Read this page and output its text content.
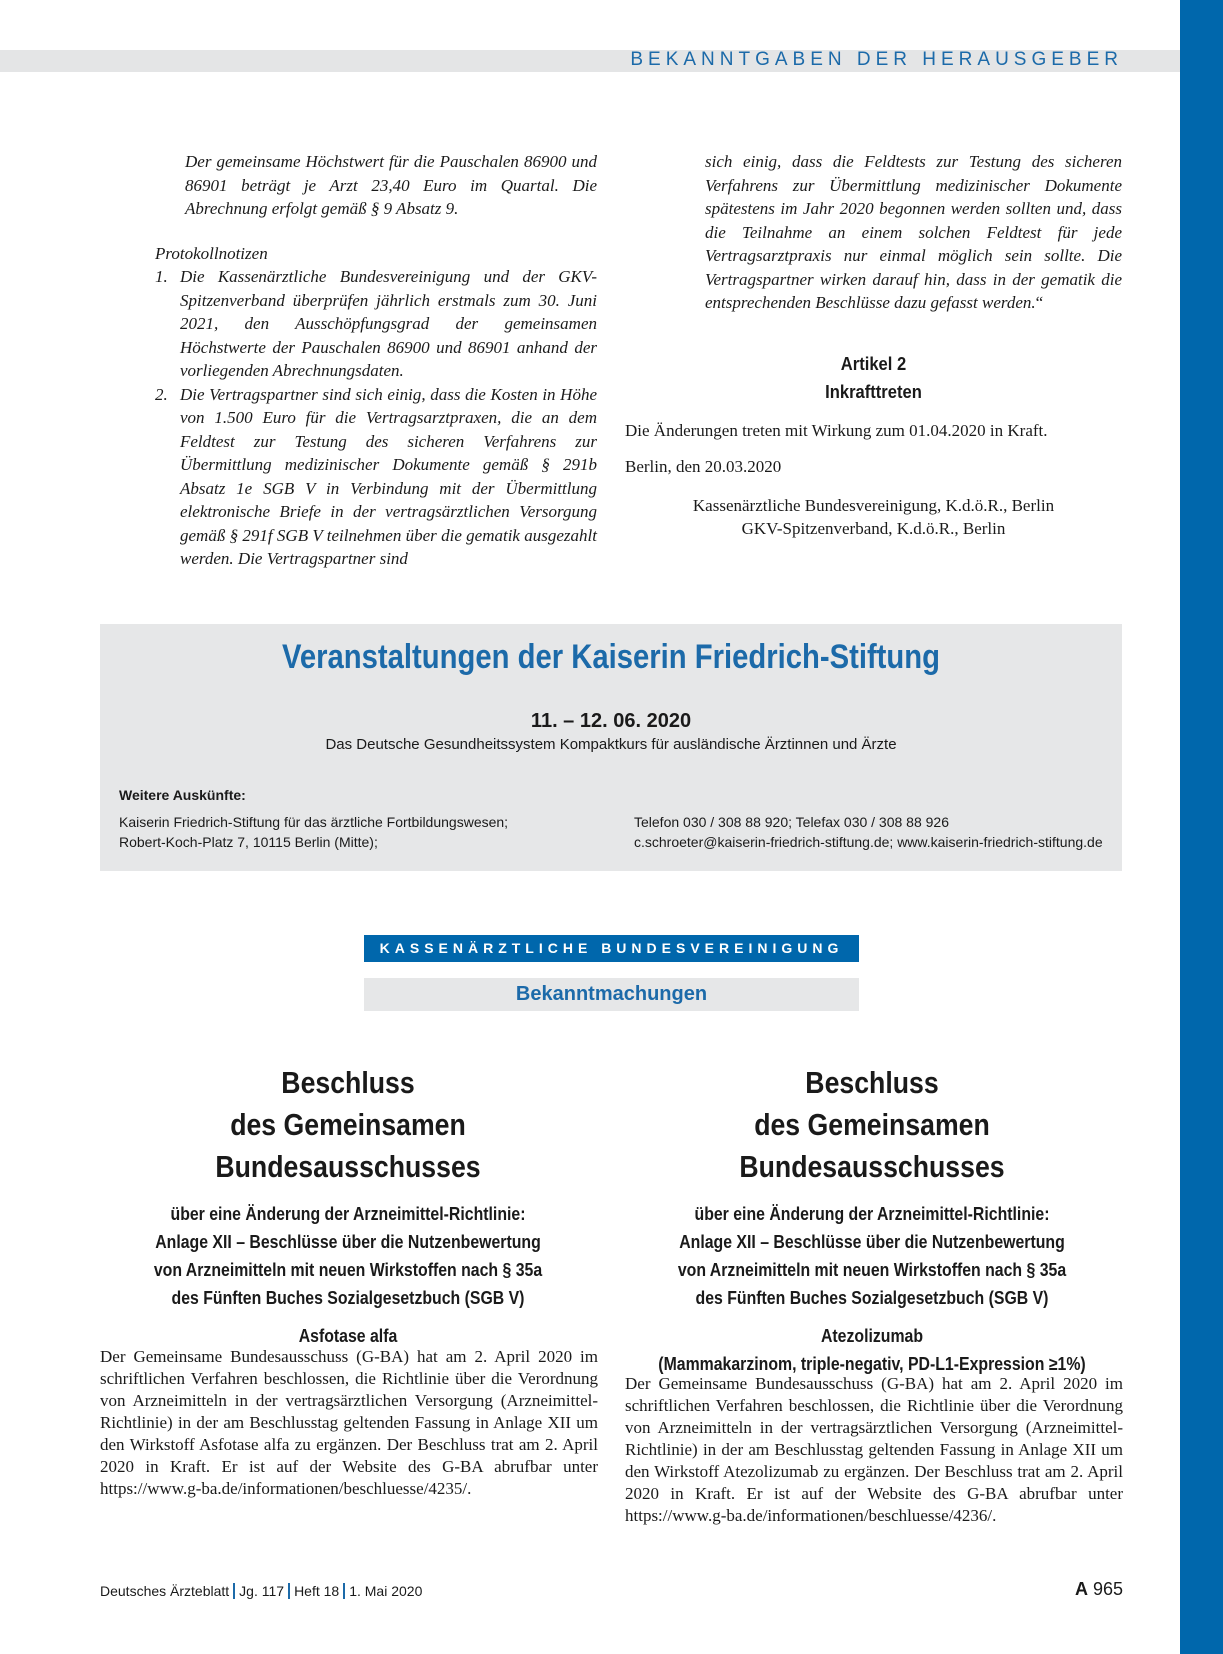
BEKANNTGABEN DER HERAUSGEBER

Der gemeinsame Höchstwert für die Pauschalen 86900 und 86901 beträgt je Arzt 23,40 Euro im Quartal. Die Abrechnung erfolgt gemäß § 9 Absatz 9.

Protokollnotizen

1. Die Kassenärztliche Bundesvereinigung und der GKV-Spitzenverband überprüfen jährlich erstmals zum 30. Juni 2021, den Ausschöpfungsgrad der gemeinsamen Höchstwerte der Pauschalen 86900 und 86901 anhand der vorliegenden Abrechnungsdaten.
2. Die Vertragspartner sind sich einig, dass die Kosten in Höhe von 1.500 Euro für die Vertragsarztpraxen, die an dem Feldtest zur Testung des sicheren Verfahrens zur Übermittlung medizinischer Dokumente gemäß § 291b Absatz 1e SGB V in Verbindung mit der Übermittlung elektronische Briefe in der vertragsärztlichen Versorgung gemäß § 291f SGB V teilnehmen über die gematik ausgezahlt werden. Die Vertragspartner sind

sich einig, dass die Feldtests zur Testung des sicheren Verfahrens zur Übermittlung medizinischer Dokumente spätestens im Jahr 2020 begonnen werden sollten und, dass die Teilnahme an einem solchen Feldtest für jede Vertragsarztpraxis nur einmal möglich sein sollte. Die Vertragspartner wirken darauf hin, dass in der gematik die entsprechenden Beschlüsse dazu gefasst werden.“

Artikel 2
Inkrafttreten

Die Änderungen treten mit Wirkung zum 01.04.2020 in Kraft.

Berlin, den 20.03.2020

Kassenärztliche Bundesvereinigung, K.d.ö.R., Berlin
GKV-Spitzenverband, K.d.ö.R., Berlin
Veranstaltungen der Kaiserin Friedrich-Stiftung
11. – 12. 06. 2020
Das Deutsche Gesundheitssystem Kompaktkurs für ausländische Ärztinnen und Ärzte
Weitere Auskünfte:
Kaiserin Friedrich-Stiftung für das ärztliche Fortbildungswesen;
Robert-Koch-Platz 7, 10115 Berlin (Mitte);
Telefon 030 / 308 88 920; Telefax 030 / 308 88 926
c.schroeter@kaiserin-friedrich-stiftung.de; www.kaiserin-friedrich-stiftung.de
KASSENÄRZTLICHE BUNDESVEREINIGUNG
Bekanntmachungen
Beschluss
des Gemeinsamen Bundesausschusses
über eine Änderung der Arzneimittel-Richtlinie:
Anlage XII – Beschlüsse über die Nutzenbewertung
von Arzneimitteln mit neuen Wirkstoffen nach § 35a
des Fünften Buches Sozialgesetzbuch (SGB V)
Asfotase alfa

Der Gemeinsame Bundesausschuss (G-BA) hat am 2. April 2020 im schriftlichen Verfahren beschlossen, die Richtlinie über die Verordnung von Arzneimitteln in der vertragsärztlichen Versorgung (Arzneimittel-Richtlinie) in der am Beschlusstag geltenden Fassung in Anlage XII um den Wirkstoff Asfotase alfa zu ergänzen. Der Beschluss trat am 2. April 2020 in Kraft. Er ist auf der Website des G-BA abrufbar unter https://www.g-ba.de/informationen/beschluesse/4235/.

Beschluss
des Gemeinsamen Bundesausschusses
über eine Änderung der Arzneimittel-Richtlinie:
Anlage XII – Beschlüsse über die Nutzenbewertung
von Arzneimitteln mit neuen Wirkstoffen nach § 35a
des Fünften Buches Sozialgesetzbuch (SGB V)
Atezolizumab
(Mammakarzinom, triple-negativ, PD-L1-Expression ≥1%)

Der Gemeinsame Bundesausschuss (G-BA) hat am 2. April 2020 im schriftlichen Verfahren beschlossen, die Richtlinie über die Verordnung von Arzneimitteln in der vertragsärztlichen Versorgung (Arzneimittel-Richtlinie) in der am Beschlusstag geltenden Fassung in Anlage XII um den Wirkstoff Atezolizumab zu ergänzen. Der Beschluss trat am 2. April 2020 in Kraft. Er ist auf der Website des G-BA abrufbar unter https://www.g-ba.de/informationen/beschluesse/4236/.

Deutsches Ärzteblatt Jg. 117 Heft 18 1. Mai 2020	A 965
